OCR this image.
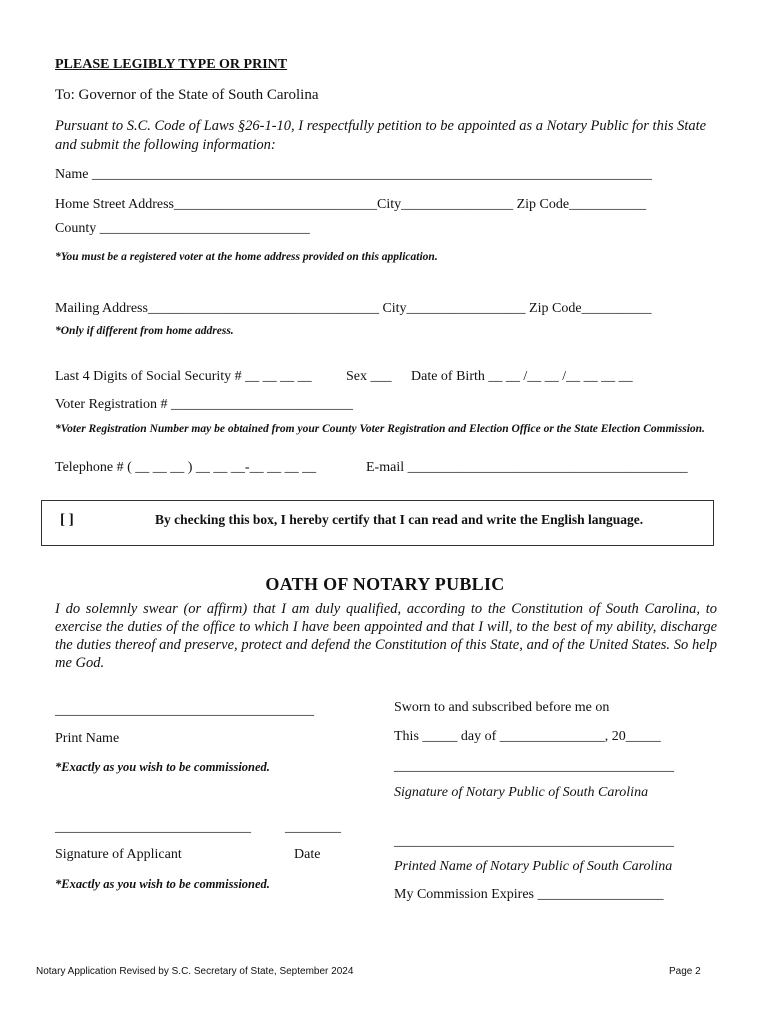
PLEASE LEGIBLY TYPE OR PRINT
To: Governor of the State of South Carolina
Pursuant to S.C. Code of Laws §26-1-10, I respectfully petition to be appointed as a Notary Public for this State and submit the following information:
Name ________________________________________________________________________________
Home Street Address_____________________________City________________ Zip Code___________
County ______________________________
*You must be a registered voter at the home address provided on this application.
Mailing Address_________________________________ City_________________ Zip Code__________
*Only if different from home address.
Last 4 Digits of Social Security # __ __ __ __ Sex ___ Date of Birth __ __ /__ __ /__ __ __ __
Voter Registration # __________________________
*Voter Registration Number may be obtained from your County Voter Registration and Election Office or the State Election Commission.
Telephone # ( __ __ __ ) __ __ __-__ __ __ __	E-mail ________________________________________
[ ]	By checking this box, I hereby certify that I can read and write the English language.
OATH OF NOTARY PUBLIC
I do solemnly swear (or affirm) that I am duly qualified, according to the Constitution of South Carolina, to exercise the duties of the office to which I have been appointed and that I will, to the best of my ability, discharge the duties thereof and preserve, protect and defend the Constitution of this State, and of the United States. So help me God.
_____________________________________
Print Name
*Exactly as you wish to be commissioned.
____________________________ ________
Signature of Applicant	Date
*Exactly as you wish to be commissioned.
Sworn to and subscribed before me on
This _____ day of _______________, 20_____
________________________________________
Signature of Notary Public of South Carolina
________________________________________
Printed Name of Notary Public of South Carolina
My Commission Expires __________________
Notary Application Revised by S.C. Secretary of State, September 2024	Page 2
